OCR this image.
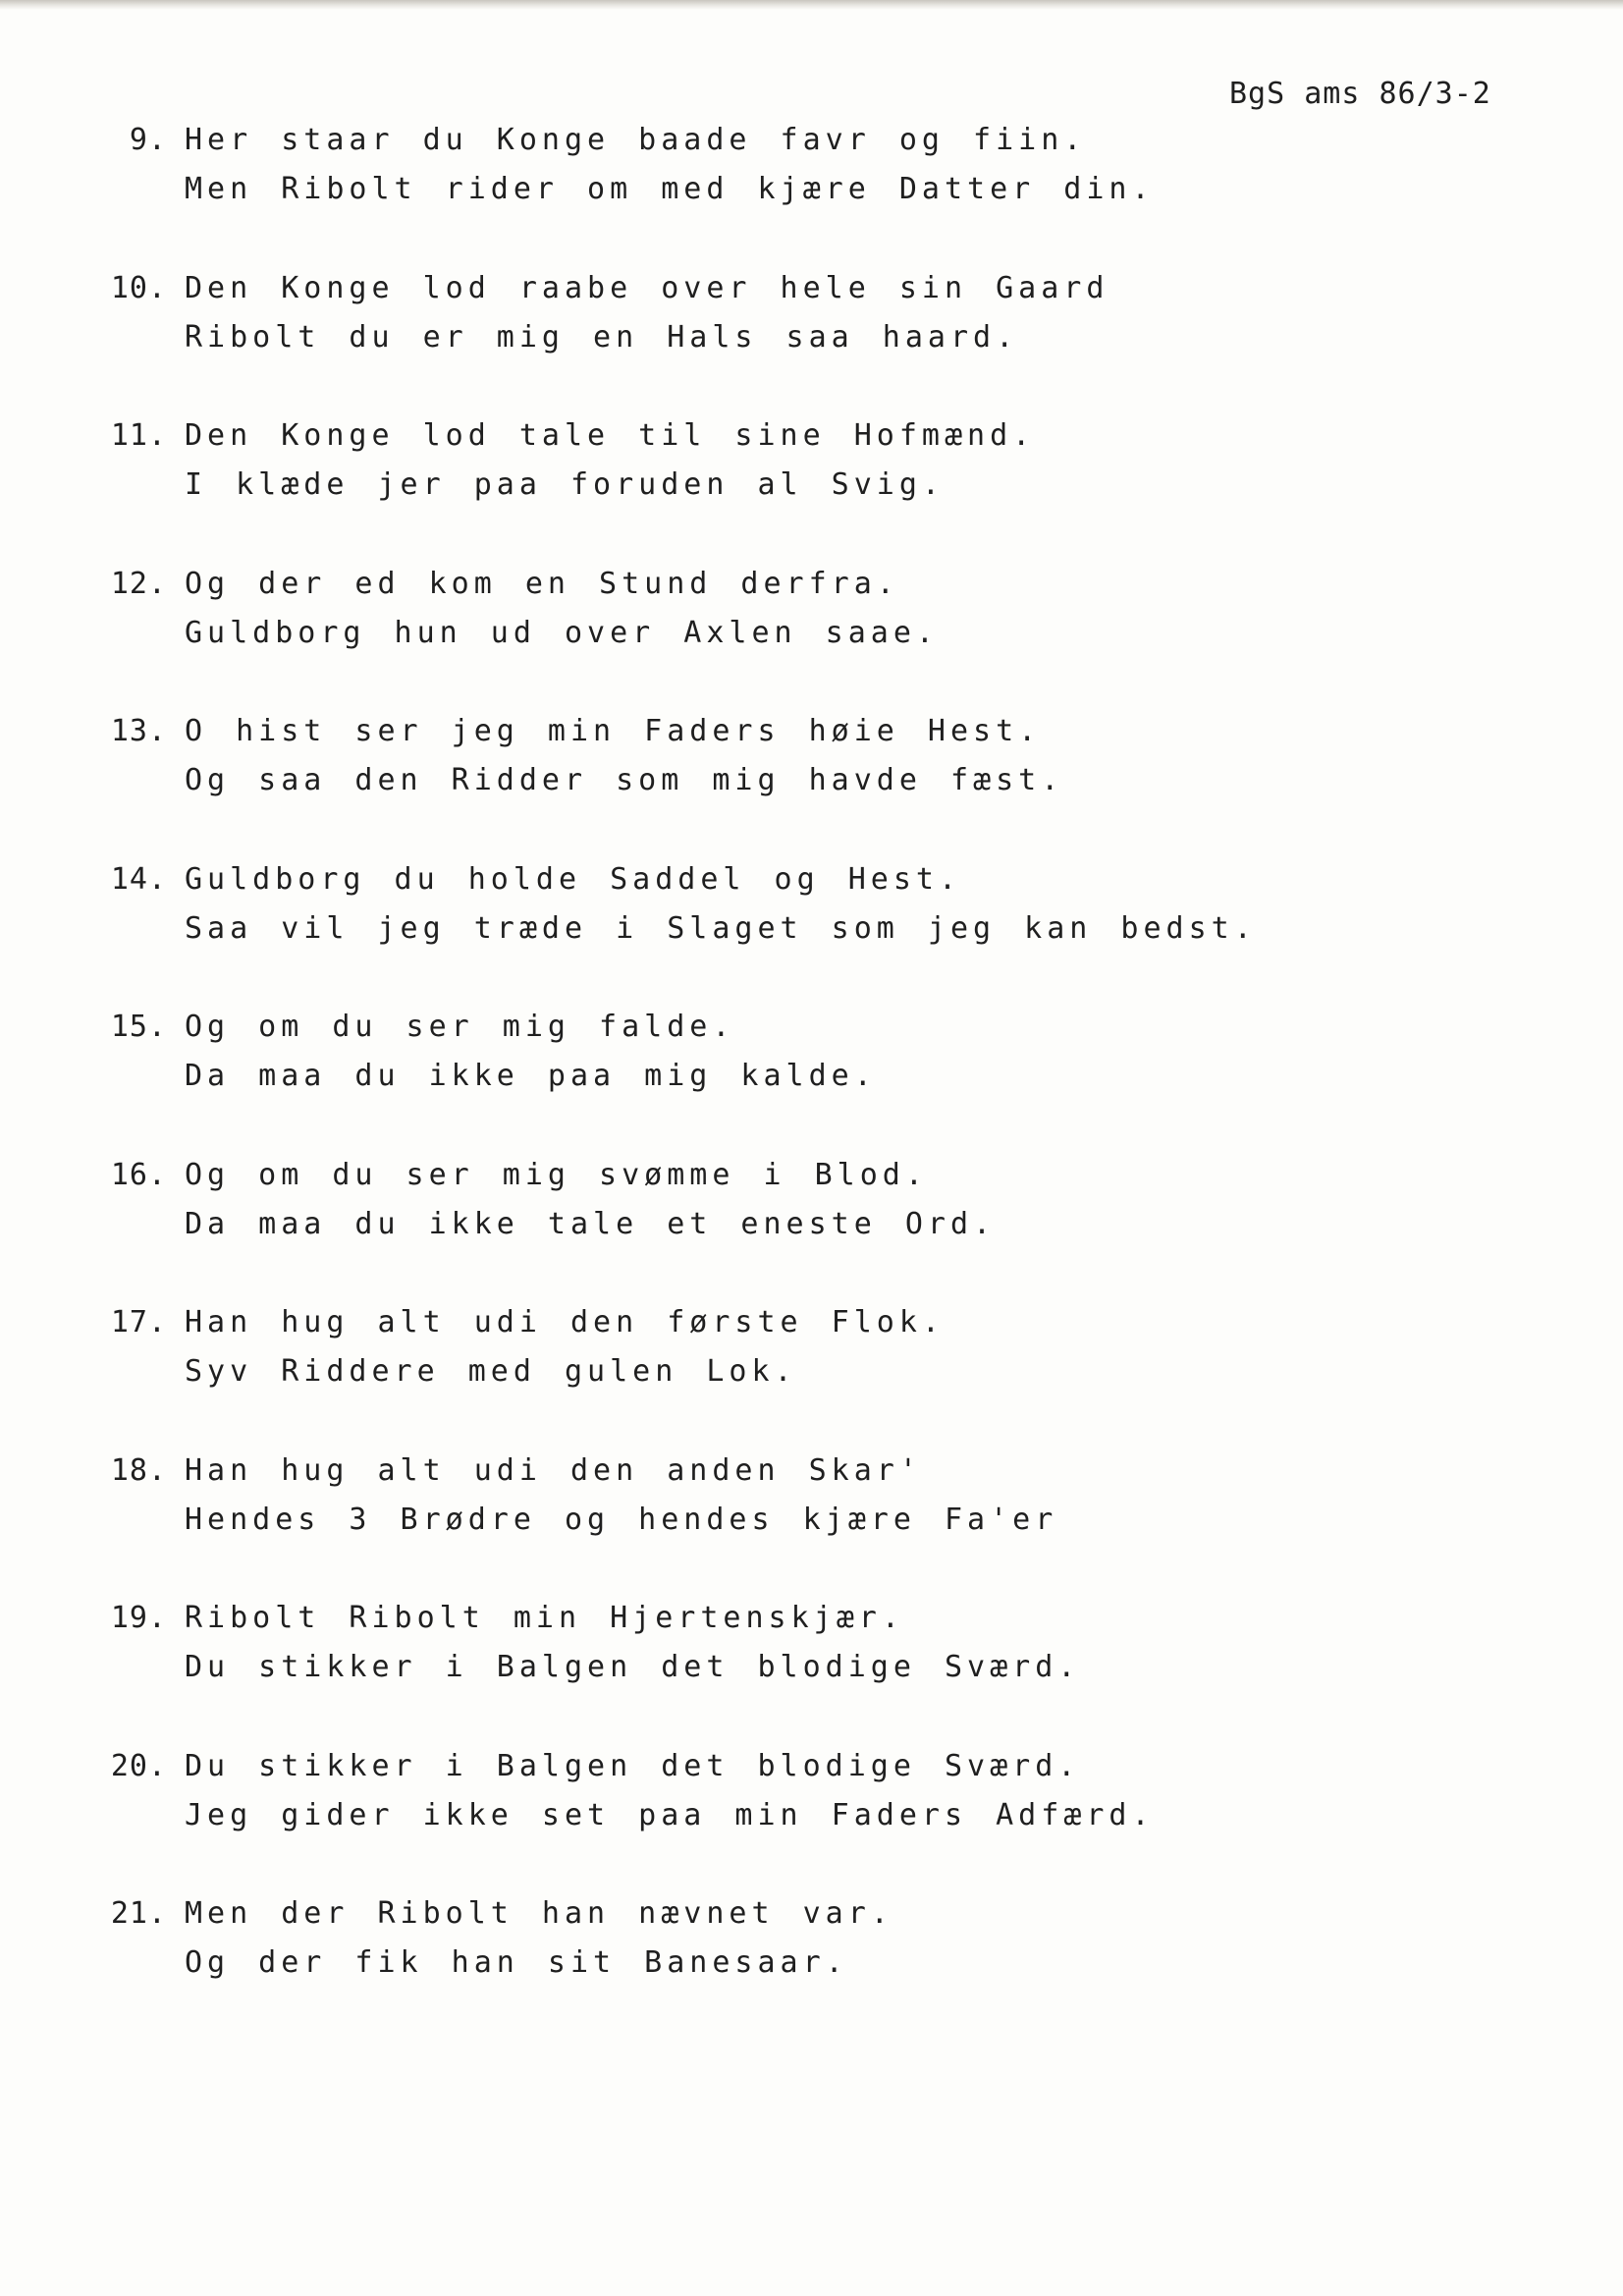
BgS ams 86/3-2
9. Her staar du Konge baade favr og fiin.
Men Ribolt rider om med kjære Datter din.
10. Den Konge lod raabe over hele sin Gaard
Ribolt du er mig en Hals saa haard.
11. Den Konge lod tale til sine Hofmænd.
I klæde jer paa foruden al Svig.
12. Og der ed kom en Stund derfra.
Guldborg hun ud over Axlen saae.
13. O hist ser jeg min Faders høie Hest.
Og saa den Ridder som mig havde fæst.
14. Guldborg du holde Saddel og Hest.
Saa vil jeg træde i Slaget som jeg kan bedst.
15. Og om du ser mig falde.
Da maa du ikke paa mig kalde.
16. Og om du ser mig svømme i Blod.
Da maa du ikke tale et eneste Ord.
17. Han hug alt udi den første Flok.
Syv Riddere med gulen Lok.
18. Han hug alt udi den anden Skar'
Hendes 3 Brødre og hendes kjære Fa'er
19. Ribolt Ribolt min Hjertenskjær.
Du stikker i Balgen det blodige Sværd.
20. Du stikker i Balgen det blodige Sværd.
Jeg gider ikke set paa min Faders Adfærd.
21. Men der Ribolt han nævnet var.
Og der fik han sit Banesaar.
